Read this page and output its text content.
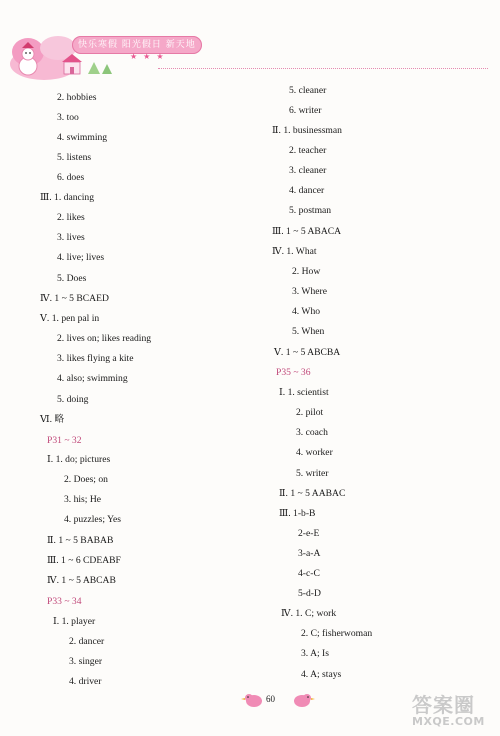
快乐寒假 阳光假日 新天地
★ ★ ★
2. hobbies
3. too
4. swimming
5. listens
6. does
Ⅲ. 1. dancing
2. likes
3. lives
4. live; lives
5. Does
Ⅳ. 1 ~ 5 BCAED
Ⅴ. 1. pen pal in
2. lives on; likes reading
3. likes flying a kite
4. also; swimming
5. doing
Ⅵ. 略
P31 ~ 32
Ⅰ. 1. do; pictures
2. Does; on
3. his; He
4. puzzles; Yes
Ⅱ. 1 ~ 5 BABAB
Ⅲ. 1 ~ 6 CDEABF
Ⅳ. 1 ~ 5 ABCAB
P33 ~ 34
Ⅰ. 1. player
2. dancer
3. singer
4. driver
5. cleaner
6. writer
Ⅱ. 1. businessman
2. teacher
3. cleaner
4. dancer
5. postman
Ⅲ. 1 ~ 5 ABACA
Ⅳ. 1. What
2. How
3. Where
4. Who
5. When
Ⅴ. 1 ~ 5 ABCBA
P35 ~ 36
Ⅰ. 1. scientist
2. pilot
3. coach
4. worker
5. writer
Ⅱ. 1 ~ 5 AABAC
Ⅲ. 1-b-B
2-e-E
3-a-A
4-c-C
5-d-D
Ⅳ. 1. C; work
2. C; fisherwoman
3. A; Is
4. A; stays
60	答案圈
MXQE.COM
